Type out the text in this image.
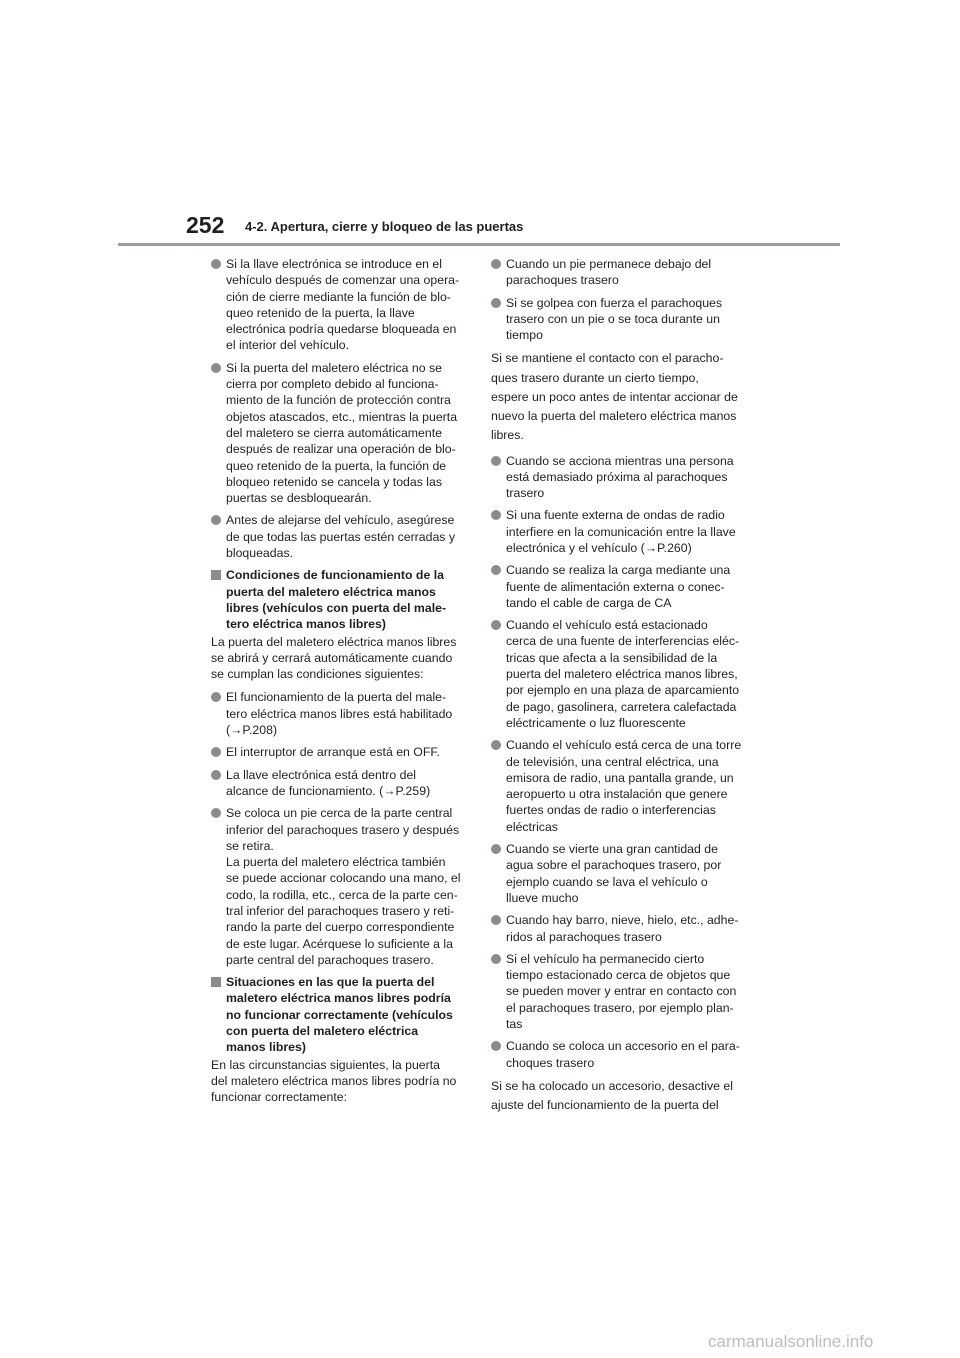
252 4-2. Apertura, cierre y bloqueo de las puertas
Si la llave electrónica se introduce en el
vehículo después de comenzar una opera-
ción de cierre mediante la función de blo-
queo retenido de la puerta, la llave
electrónica podría quedarse bloqueada en
el interior del vehículo.
Si la puerta del maletero eléctrica no se
cierra por completo debido al funciona-
miento de la función de protección contra
objetos atascados, etc., mientras la puerta
del maletero se cierra automáticamente
después de realizar una operación de blo-
queo retenido de la puerta, la función de
bloqueo retenido se cancela y todas las
puertas se desbloquearán.
Antes de alejarse del vehículo, asegúrese
de que todas las puertas estén cerradas y
bloqueadas.
Condiciones de funcionamiento de la
puerta del maletero eléctrica manos
libres (vehículos con puerta del male-
tero eléctrica manos libres)
La puerta del maletero eléctrica manos libres
se abrirá y cerrará automáticamente cuando
se cumplan las condiciones siguientes:
El funcionamiento de la puerta del male-
tero eléctrica manos libres está habilitado
(→P.208)
El interruptor de arranque está en OFF.
La llave electrónica está dentro del
alcance de funcionamiento. (→P.259)
Se coloca un pie cerca de la parte central
inferior del parachoques trasero y después
se retira.
La puerta del maletero eléctrica también
se puede accionar colocando una mano, el
codo, la rodilla, etc., cerca de la parte cen-
tral inferior del parachoques trasero y reti-
rando la parte del cuerpo correspondiente
de este lugar. Acérquese lo suficiente a la
parte central del parachoques trasero.
Situaciones en las que la puerta del
maletero eléctrica manos libres podría
no funcionar correctamente (vehículos
con puerta del maletero eléctrica
manos libres)
En las circunstancias siguientes, la puerta
del maletero eléctrica manos libres podría no
funcionar correctamente:
Cuando un pie permanece debajo del
parachoques trasero
Si se golpea con fuerza el parachoques
trasero con un pie o se toca durante un
tiempo
Si se mantiene el contacto con el paracho-
ques trasero durante un cierto tiempo,
espere un poco antes de intentar accionar de
nuevo la puerta del maletero eléctrica manos
libres.
Cuando se acciona mientras una persona
está demasiado próxima al parachoques
trasero
Si una fuente externa de ondas de radio
interfiere en la comunicación entre la llave
electrónica y el vehículo (→P.260)
Cuando se realiza la carga mediante una
fuente de alimentación externa o conec-
tando el cable de carga de CA
Cuando el vehículo está estacionado
cerca de una fuente de interferencias eléc-
tricas que afecta a la sensibilidad de la
puerta del maletero eléctrica manos libres,
por ejemplo en una plaza de aparcamiento
de pago, gasolinera, carretera calefactada
eléctricamente o luz fluorescente
Cuando el vehículo está cerca de una torre
de televisión, una central eléctrica, una
emisora de radio, una pantalla grande, un
aeropuerto u otra instalación que genere
fuertes ondas de radio o interferencias
eléctricas
Cuando se vierte una gran cantidad de
agua sobre el parachoques trasero, por
ejemplo cuando se lava el vehículo o
llueve mucho
Cuando hay barro, nieve, hielo, etc., adhe-
ridos al parachoques trasero
Si el vehículo ha permanecido cierto
tiempo estacionado cerca de objetos que
se pueden mover y entrar en contacto con
el parachoques trasero, por ejemplo plan-
tas
Cuando se coloca un accesorio en el para-
choques trasero
Si se ha colocado un accesorio, desactive el
ajuste del funcionamiento de la puerta del
carmanualsonline.info
